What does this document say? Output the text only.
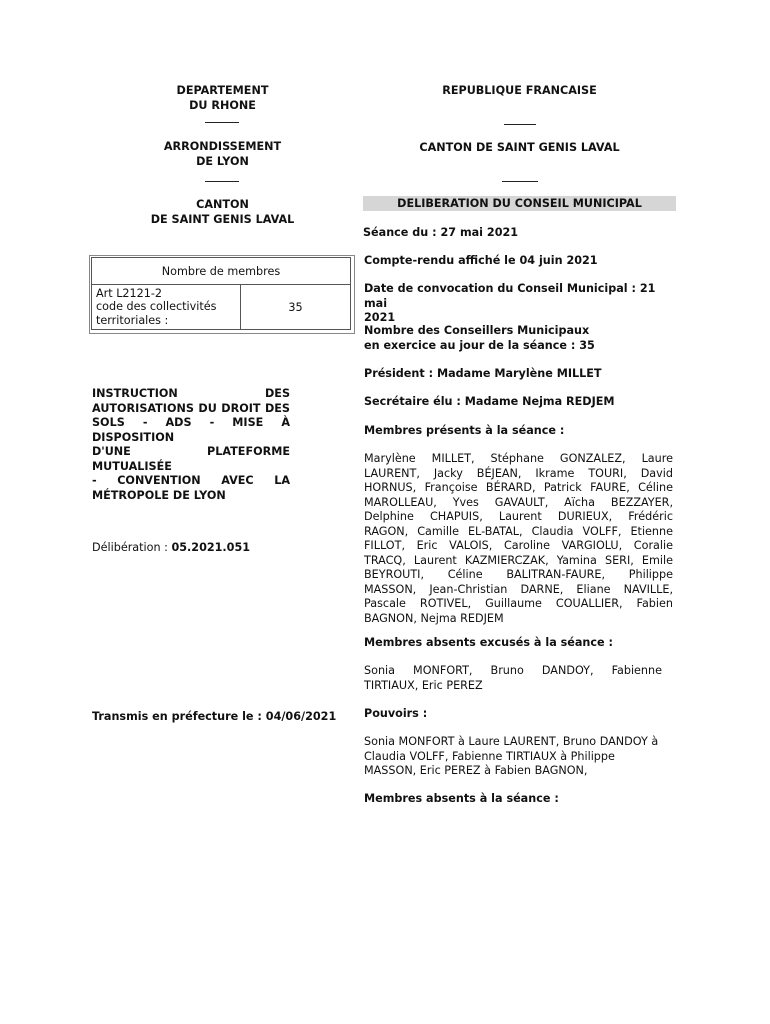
DEPARTEMENT
DU RHONE
ARRONDISSEMENT
DE LYON
CANTON
DE SAINT GENIS LAVAL
REPUBLIQUE FRANCAISE
CANTON DE SAINT GENIS LAVAL
DELIBERATION DU CONSEIL MUNICIPAL
Nombre de membres

Art L2121-2
code des collectivités
territoriales :
	35
INSTRUCTION DES
AUTORISATIONS DU DROIT DES
SOLS - ADS - MISE À DISPOSITION
D'UNE PLATEFORME MUTUALISÉE
- CONVENTION AVEC LA
MÉTROPOLE DE LYON
Délibération : 05.2021.051
Transmis en préfecture le : 04/06/2021
Séance du : 27 mai 2021
Compte-rendu affiché le 04 juin 2021
Date de convocation du Conseil Municipal : 21 mai
2021
Nombre des Conseillers Municipaux
en exercice au jour de la séance : 35
Président : Madame Marylène MILLET
Secrétaire élu : Madame Nejma REDJEM
Membres présents à la séance :
Marylène MILLET, Stéphane GONZALEZ, Laure
LAURENT, Jacky BÉJEAN, Ikrame TOURI, David
HORNUS, Françoise BÉRARD, Patrick FAURE, Céline
MAROLLEAU, Yves GAVAULT, Aïcha BEZZAYER,
Delphine CHAPUIS, Laurent DURIEUX, Frédéric
RAGON, Camille EL-BATAL, Claudia VOLFF, Etienne
FILLOT, Eric VALOIS, Caroline VARGIOLU, Coralie
TRACQ, Laurent KAZMIERCZAK, Yamina SERI, Emile
BEYROUTI, Céline BALITRAN-FAURE, Philippe
MASSON, Jean-Christian DARNE, Eliane NAVILLE,
Pascale ROTIVEL, Guillaume COUALLIER, Fabien
BAGNON, Nejma REDJEM
Membres absents excusés à la séance :
Sonia MONFORT, Bruno DANDOY, Fabienne
TIRTIAUX, Eric PEREZ
Pouvoirs :
Sonia MONFORT à Laure LAURENT, Bruno DANDOY à
Claudia VOLFF, Fabienne TIRTIAUX à Philippe
MASSON, Eric PEREZ à Fabien BAGNON,
Membres absents à la séance :
